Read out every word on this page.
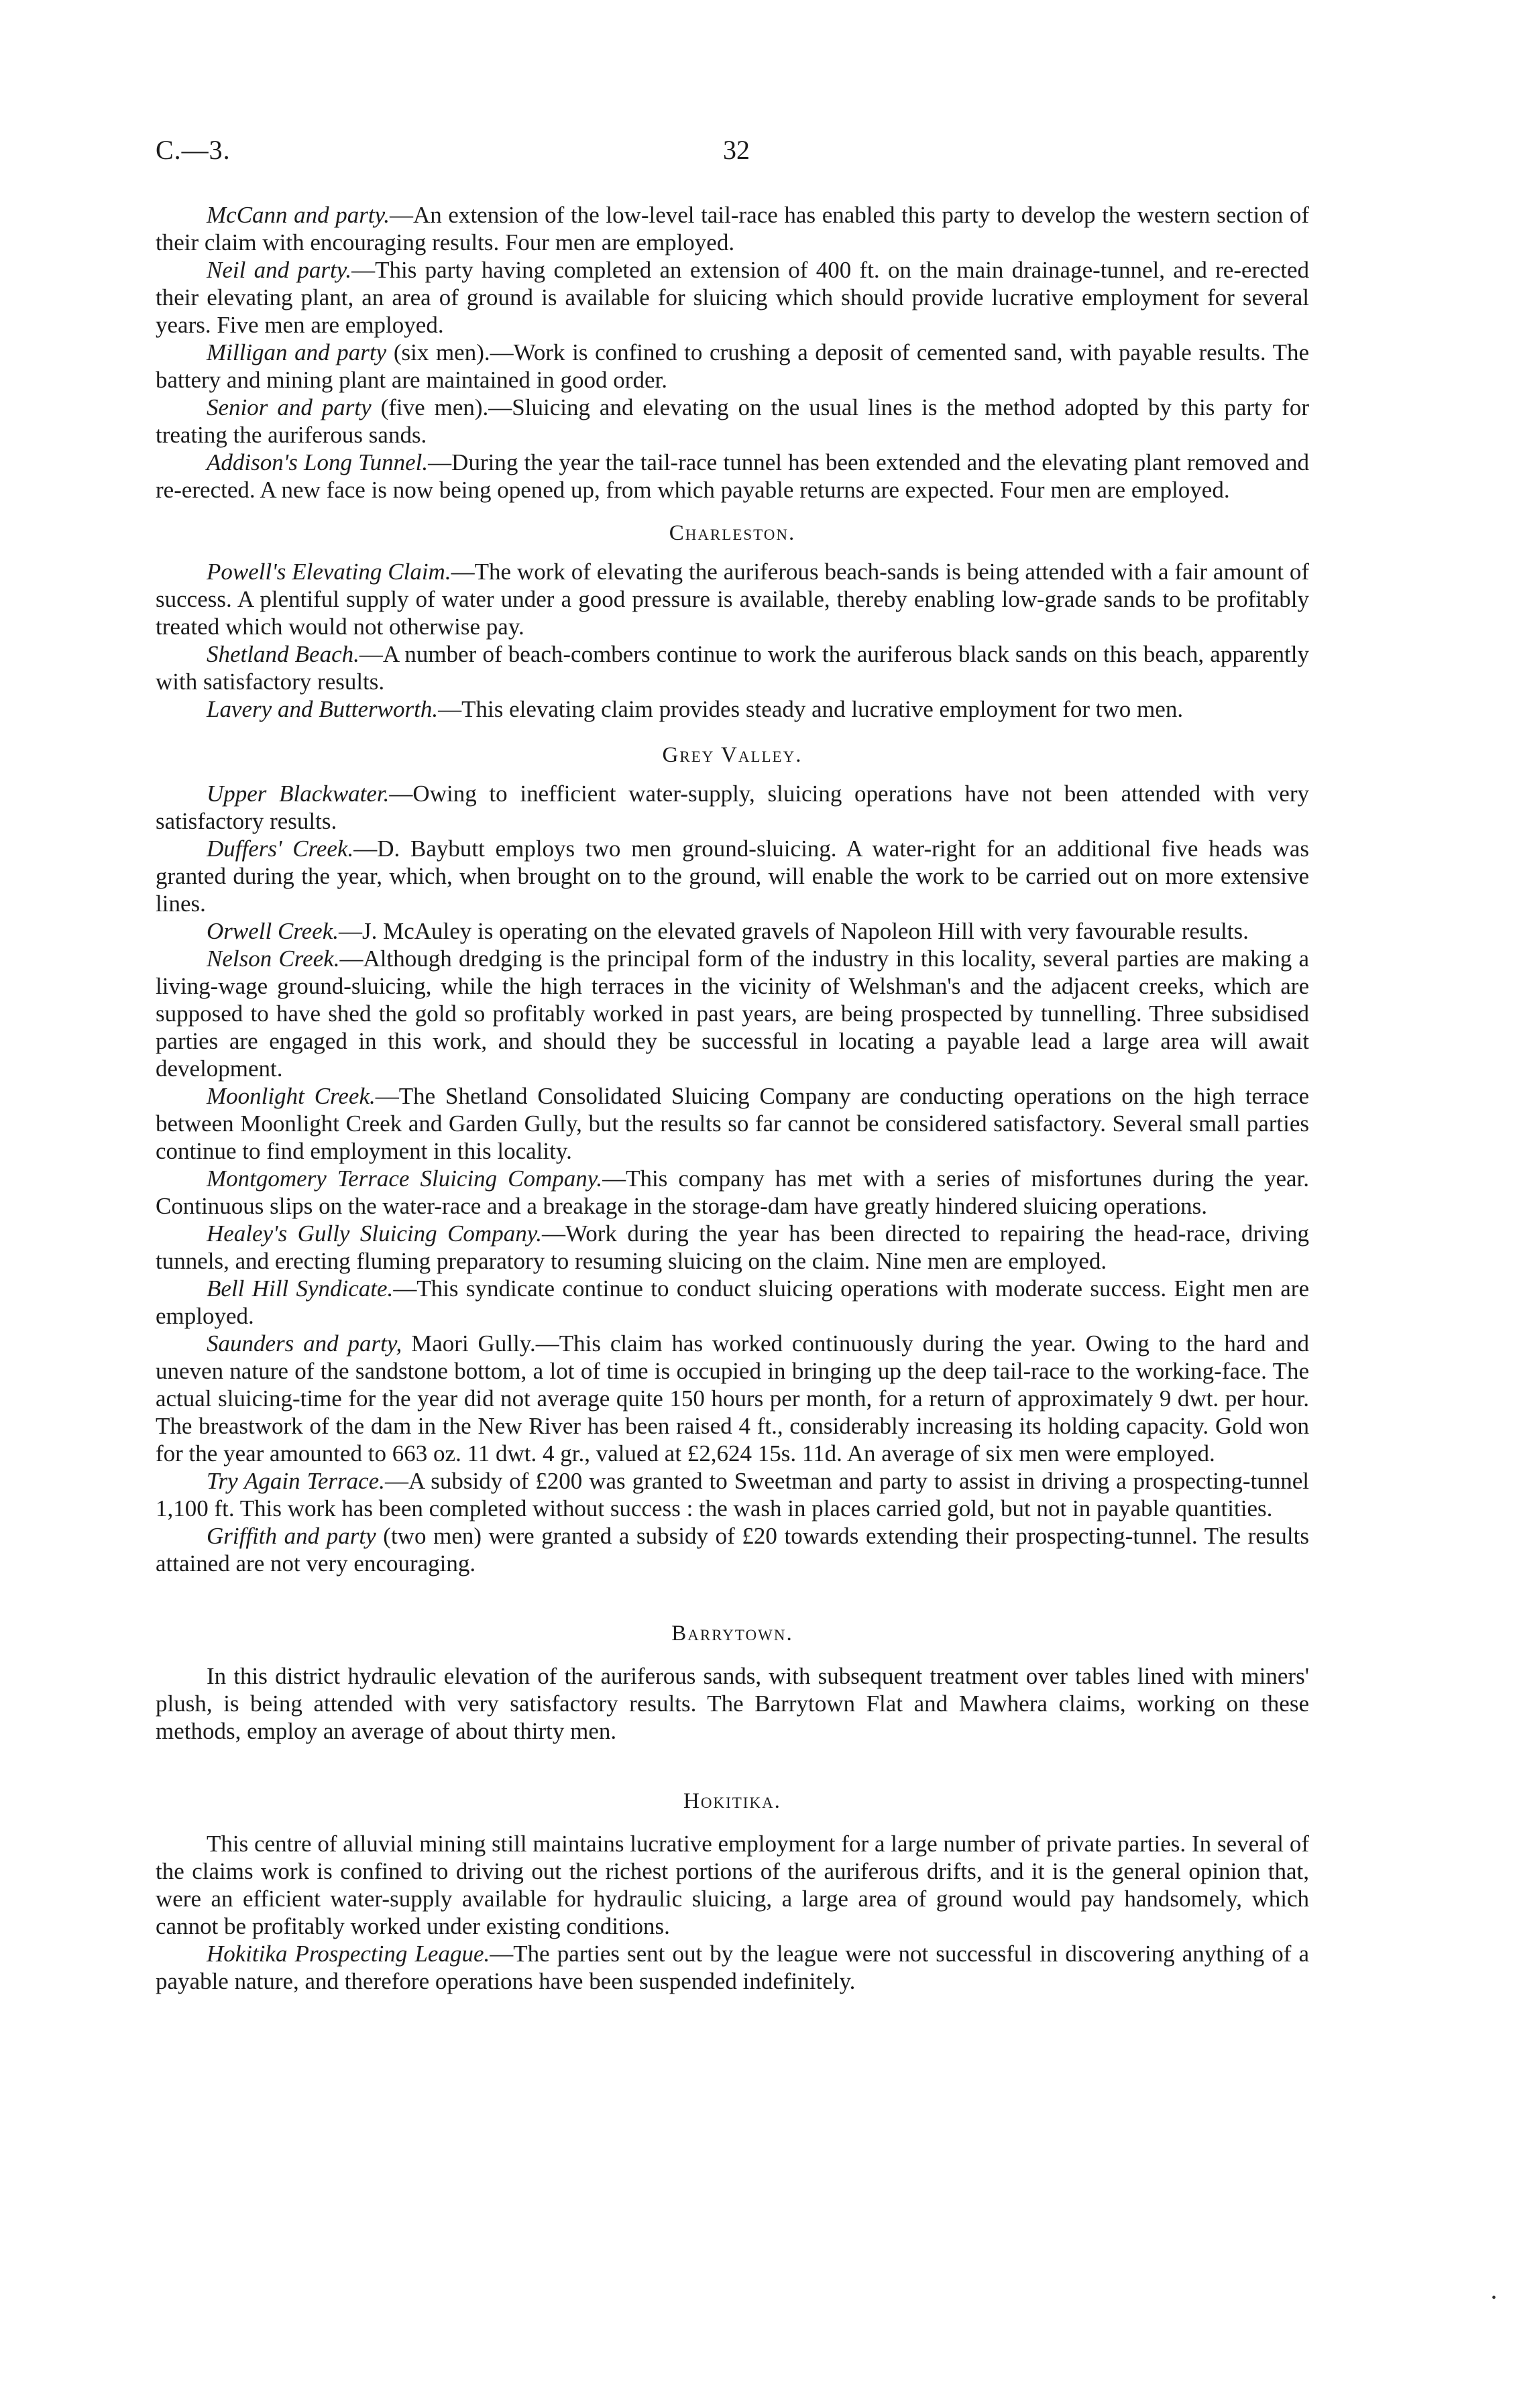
C.—3.	32

McCann and party.—An extension of the low-level tail-race has enabled this party to develop the western section of their claim with encouraging results. Four men are employed.

Neil and party.—This party having completed an extension of 400 ft. on the main drainage-tunnel, and re-erected their elevating plant, an area of ground is available for sluicing which should provide lucrative employment for several years. Five men are employed.

Milligan and party (six men).—Work is confined to crushing a deposit of cemented sand, with payable results. The battery and mining plant are maintained in good order.

Senior and party (five men).—Sluicing and elevating on the usual lines is the method adopted by this party for treating the auriferous sands.

Addison's Long Tunnel.—During the year the tail-race tunnel has been extended and the elevating plant removed and re-erected. A new face is now being opened up, from which payable returns are expected. Four men are employed.

Charleston.

Powell's Elevating Claim.—The work of elevating the auriferous beach-sands is being attended with a fair amount of success. A plentiful supply of water under a good pressure is available, thereby enabling low-grade sands to be profitably treated which would not otherwise pay.

Shetland Beach.—A number of beach-combers continue to work the auriferous black sands on this beach, apparently with satisfactory results.

Lavery and Butterworth.—This elevating claim provides steady and lucrative employment for two men.

Grey Valley.

Upper Blackwater.—Owing to inefficient water-supply, sluicing operations have not been attended with very satisfactory results.

Duffers' Creek.—D. Baybutt employs two men ground-sluicing. A water-right for an additional five heads was granted during the year, which, when brought on to the ground, will enable the work to be carried out on more extensive lines.

Orwell Creek.—J. McAuley is operating on the elevated gravels of Napoleon Hill with very favourable results.

Nelson Creek.—Although dredging is the principal form of the industry in this locality, several parties are making a living-wage ground-sluicing, while the high terraces in the vicinity of Welshman's and the adjacent creeks, which are supposed to have shed the gold so profitably worked in past years, are being prospected by tunnelling. Three subsidised parties are engaged in this work, and should they be successful in locating a payable lead a large area will await development.

Moonlight Creek.—The Shetland Consolidated Sluicing Company are conducting operations on the high terrace between Moonlight Creek and Garden Gully, but the results so far cannot be considered satisfactory. Several small parties continue to find employment in this locality.

Montgomery Terrace Sluicing Company.—This company has met with a series of misfortunes during the year. Continuous slips on the water-race and a breakage in the storage-dam have greatly hindered sluicing operations.

Healey's Gully Sluicing Company.—Work during the year has been directed to repairing the head-race, driving tunnels, and erecting fluming preparatory to resuming sluicing on the claim. Nine men are employed.

Bell Hill Syndicate.—This syndicate continue to conduct sluicing operations with moderate success. Eight men are employed.

Saunders and party, Maori Gully.—This claim has worked continuously during the year. Owing to the hard and uneven nature of the sandstone bottom, a lot of time is occupied in bringing up the deep tail-race to the working-face. The actual sluicing-time for the year did not average quite 150 hours per month, for a return of approximately 9 dwt. per hour. The breastwork of the dam in the New River has been raised 4 ft., considerably increasing its holding capacity. Gold won for the year amounted to 663 oz. 11 dwt. 4 gr., valued at £2,624 15s. 11d. An average of six men were employed.

Try Again Terrace.—A subsidy of £200 was granted to Sweetman and party to assist in driving a prospecting-tunnel 1,100 ft. This work has been completed without success : the wash in places carried gold, but not in payable quantities.

Griffith and party (two men) were granted a subsidy of £20 towards extending their prospecting-tunnel. The results attained are not very encouraging.

Barrytown.

In this district hydraulic elevation of the auriferous sands, with subsequent treatment over tables lined with miners' plush, is being attended with very satisfactory results. The Barrytown Flat and Mawhera claims, working on these methods, employ an average of about thirty men.

Hokitika.

This centre of alluvial mining still maintains lucrative employment for a large number of private parties. In several of the claims work is confined to driving out the richest portions of the auriferous drifts, and it is the general opinion that, were an efficient water-supply available for hydraulic sluicing, a large area of ground would pay handsomely, which cannot be profitably worked under existing conditions.

Hokitika Prospecting League.—The parties sent out by the league were not successful in discovering anything of a payable nature, and therefore operations have been suspended indefinitely.

•
